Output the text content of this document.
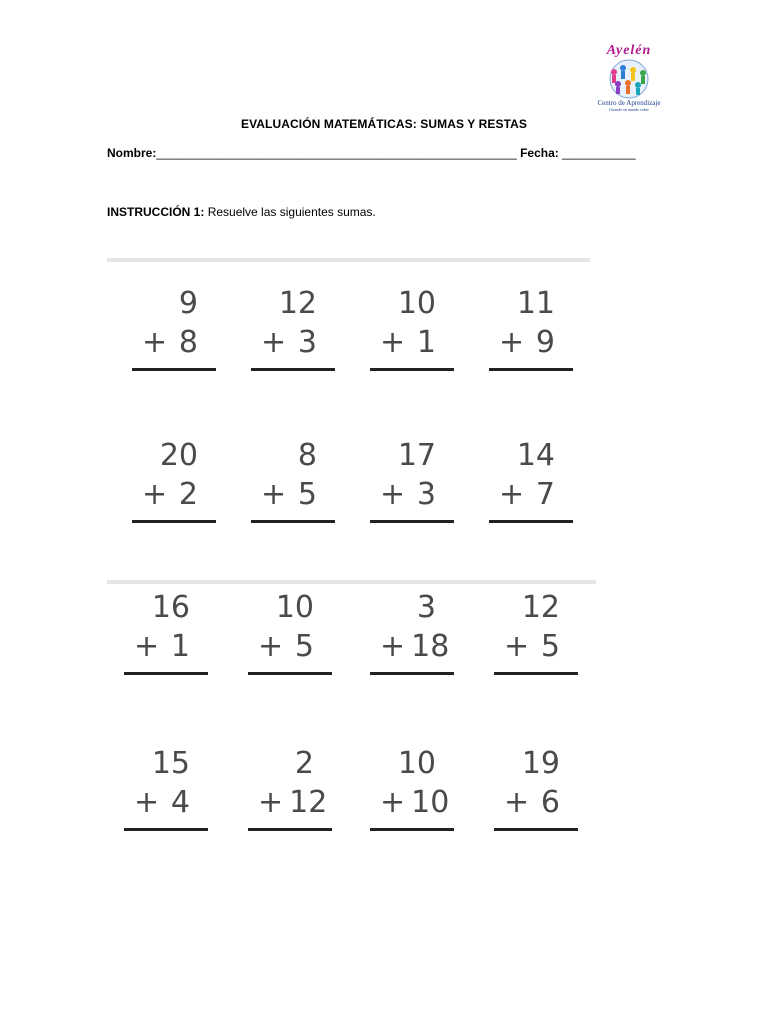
Ayelén
Centro de Aprendizaje
Girando en mundo sobre
EVALUACIÓN MATEMÁTICAS: SUMAS Y RESTAS
Nombre:______________________________________________________ Fecha: ___________
INSTRUCCIÓN 1: Resuelve las siguientes sumas.
9
+ 8
12
+ 3
10
+ 1
11
+ 9
20
+ 2
8
+ 5
17
+ 3
14
+ 7
16
+ 1
10
+ 5
3
+ 18
12
+ 5
15
+ 4
2
+ 12
10
+ 10
19
+ 6
